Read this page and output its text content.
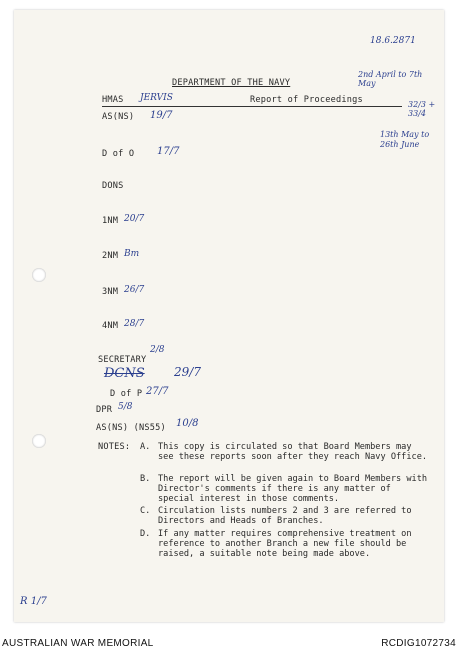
18.6.2871
DEPARTMENT OF THE NAVY
HMAS JERVIS	Report of Proceedings
2nd April to 7th May
32/3 + 33/4
13th May to 26th June
AS(NS) 19/7
D of O 17/7
DONS
1NM 20/7
2NM Bm
3NM 26/7
4NM 28/7
SECRETARY
2/8
DCNS 29/7
D of P 27/7
DPR 5/8
AS(NS) (NS55) 10/8
NOTES: A. This copy is circulated so that Board Members may see these reports soon after they reach Navy Office.
B. The report will be given again to Board Members with Director's comments if there is any matter of special interest in those comments.
C. Circulation lists numbers 2 and 3 are referred to Directors and Heads of Branches.
D. If any matter requires comprehensive treatment on reference to another Branch a new file should be raised, a suitable note being made above.
R 1/7
AUSTRALIAN WAR MEMORIAL	RCDIG1072734
